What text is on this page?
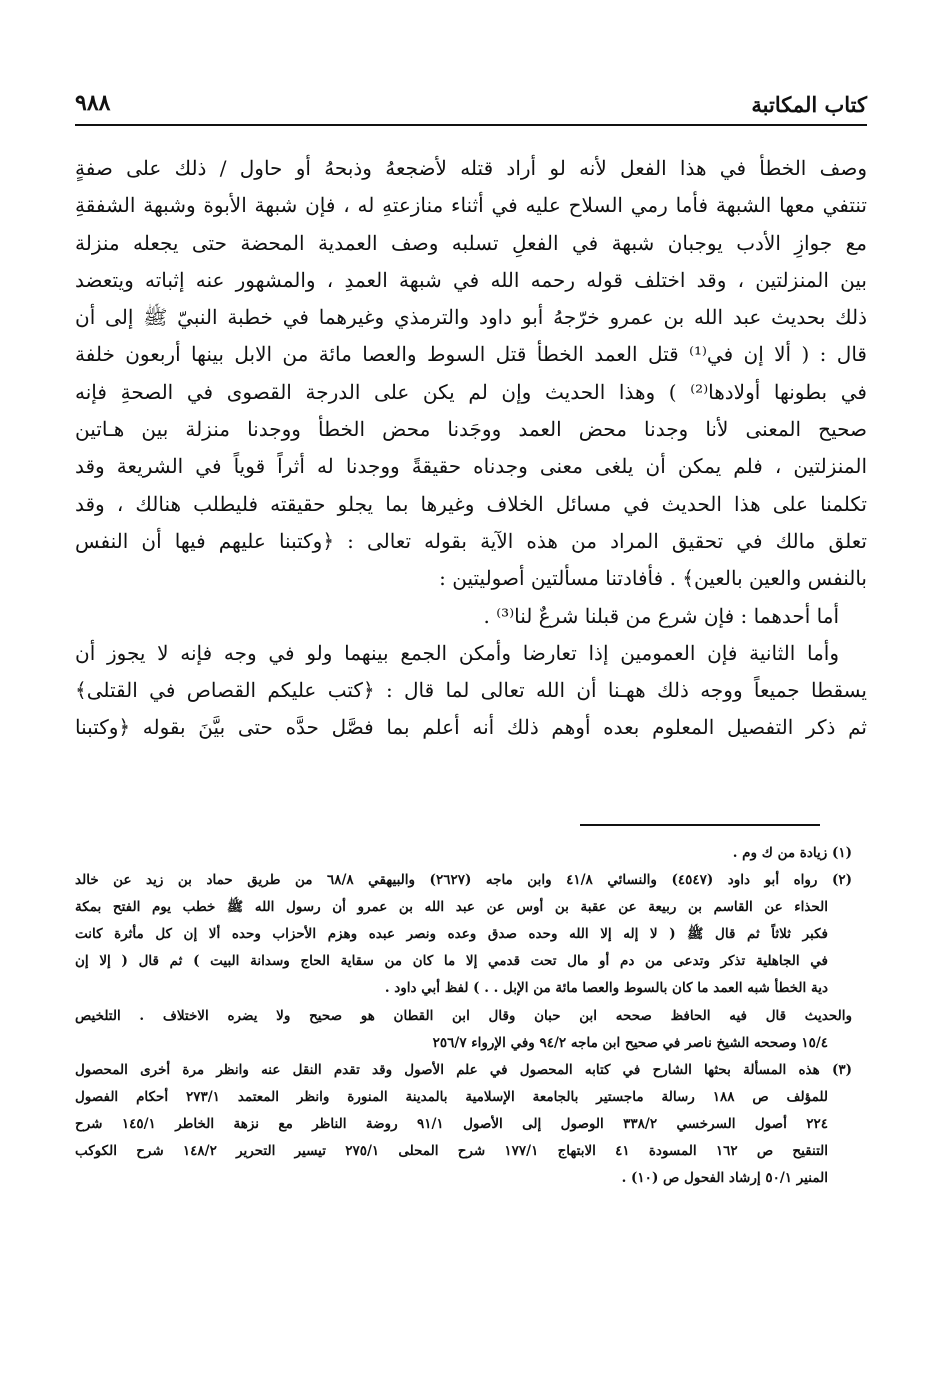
كتاب المكاتبة
٩٨٨
وصف الخطأ في هذا الفعل لأنه لو أراد قتله لأضجعهُ وذبحهُ أو حاول / ذلك على صفةٍ
تنتفي معها الشبهة فأما رمي السلاح عليه في أثناء منازعتهِ له ، فإن شبهة الأبوة وشبهة الشفقةِ
مع جوازِ الأدب يوجبان شبهة في الفعلِ تسلبه وصف العمدية المحضة حتى يجعله منزلة
بين المنزلتين ، وقد اختلف قوله رحمه الله في شبهة العمدِ ، والمشهور عنه إثباته ويتعضد
ذلك بحديث عبد الله بن عمرو خرّجهُ أبو داود والترمذي وغيرهما في خطبة النبيّ ﷺ إلى أن
قال : ( ألا إن في⁽¹⁾ قتل العمد الخطأ قتل السوط والعصا مائة من الابل بينها أربعون خلفة
في بطونها أولادها⁽²⁾ ) وهذا الحديث وإن لم يكن على الدرجة القصوى في الصحةِ فإنه
صحيح المعنى لأنا وجدنا محض العمد ووجَدنا محض الخطأ ووجدنا منزلة بين هـاتين
المنزلتين ، فلم يمكن أن يلغى معنى وجدناه حقيقةً ووجدنا له أثراً قوياً في الشريعة وقد
تكلمنا على هذا الحديث في مسائل الخلاف وغيرها بما يجلو حقيقته فليطلب هنالك ، وقد
تعلق مالك في تحقيق المراد من هذه الآية بقوله تعالى : ﴿وكتبنا عليهم فيها أن النفس
بالنفس والعين بالعين﴾ . فأفادتنا مسألتين أصوليتين :
أما أحدهما : فإن شرع من قبلنا شرعٌ لنا⁽³⁾ .
وأما الثانية فإن العمومين إذا تعارضا وأمكن الجمع بينهما ولو في وجه فإنه لا يجوز أن
يسقطا جميعاً ووجه ذلك ههـنا أن الله تعالى لما قال : ﴿كتب عليكم القصاص في القتلى﴾
ثم ذكر التفصيل المعلوم بعده أوهم ذلك أنه أعلم بما فصَّل حدَّه حتى بيَّنَ بقوله ﴿وكتبنا
(١) زيادة من ك وم .
(٢) رواه أبو داود (٤٥٤٧) والنسائي ٤١/٨ وابن ماجه (٢٦٢٧) والبيهقي ٦٨/٨ من طريق حماد بن زيد عن خالد
الحذاء عن القاسم بن ربيعة عن عقبة بن أوس عن عبد الله بن عمرو أن رسول الله ﷺ خطب يوم الفتح بمكة
فكبر ثلاثاً ثم قال ﷺ ( لا إله إلا الله وحده صدق وعده ونصر عبده وهزم الأحزاب وحده ألا إن كل مأثرة كانت
في الجاهلية تذكر وتدعى من دم أو مال تحت قدمي إلا ما كان من سقاية الحاج وسدانة البيت ) ثم قال ( إلا إن
دية الخطأ شبه العمد ما كان بالسوط والعصا مائة من الإبل . . ) لفظ أبي داود .
والحديث قال فيه الحافظ صححه ابن حبان وقال ابن القطان هو صحيح ولا يضره الاختلاف . التلخيص
١٥/٤ وصححه الشيخ ناصر في صحيح ابن ماجه ٩٤/٢ وفي الإرواء ٢٥٦/٧
(٣) هذه المسألة بحثها الشارح في كتابه المحصول في علم الأصول وقد تقدم النقل عنه وانظر مرة أخرى المحصول
للمؤلف ص ١٨٨ رسالة ماجستير بالجامعة الإسلامية بالمدينة المنورة وانظر المعتمد ٢٧٣/١ أحكام الفصول
٢٢٤ أصول السرخسي ٣٣٨/٢ الوصول إلى الأصول ٩١/١ روضة الناظر مع نزهة الخاطر ١٤٥/١ شرح
التنقيح ص ١٦٢ المسودة ٤١ الابتهاج ١٧٧/١ شرح المحلى ٢٧٥/١ تيسير التحرير ١٤٨/٢ شرح الكوكب
المنير ٥٠/١ إرشاد الفحول ص (١٠) .
